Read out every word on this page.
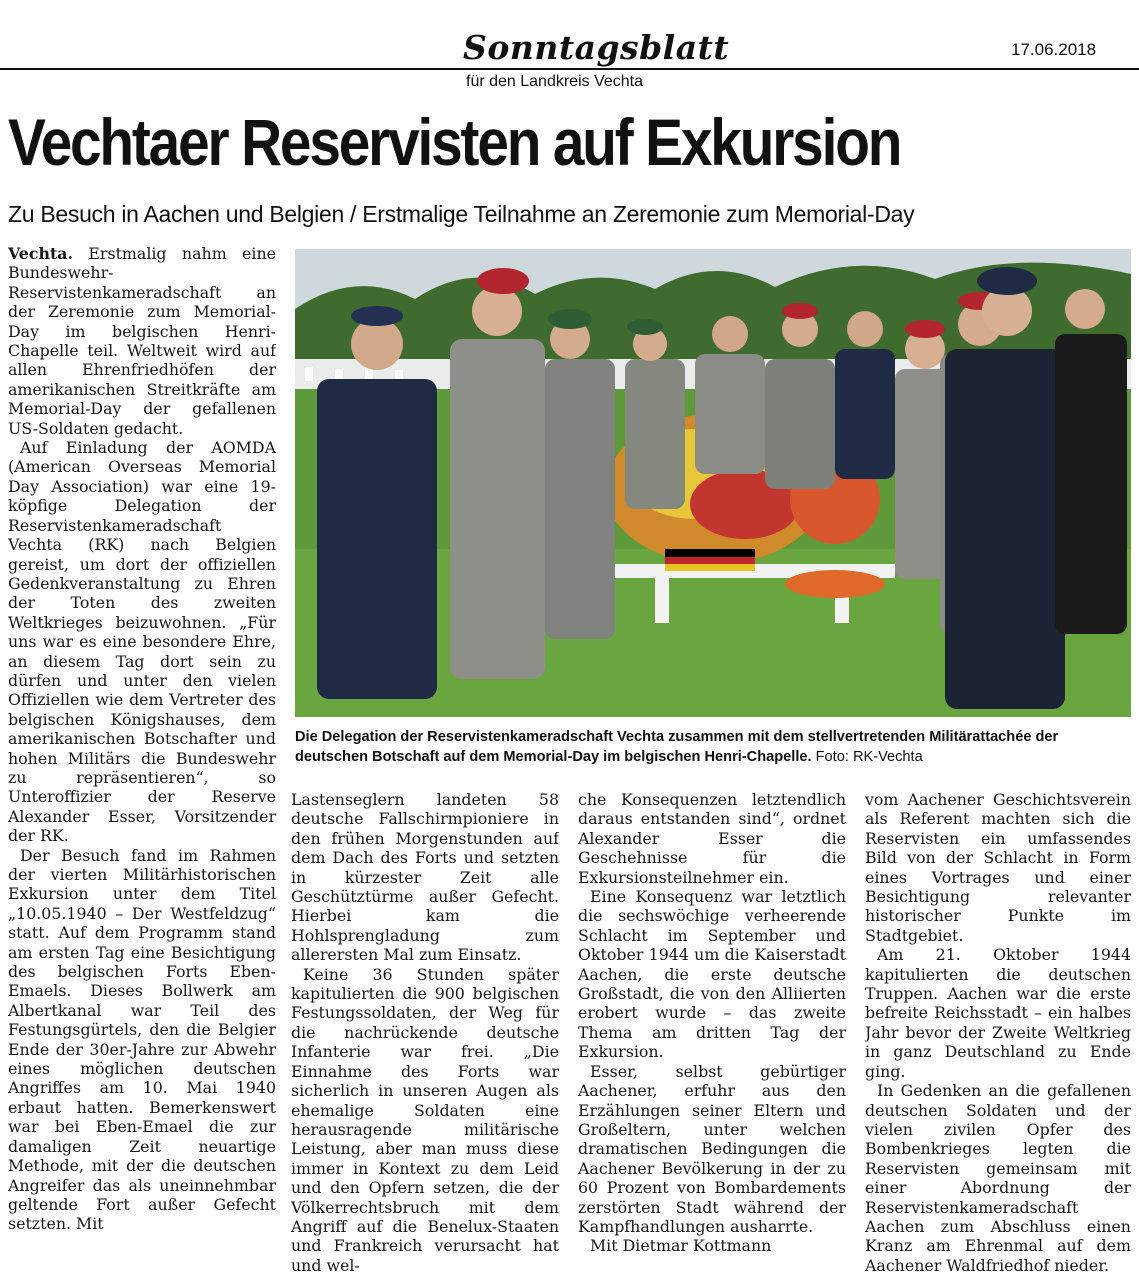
Sonntagsblatt	17.06.2018
für den Landkreis Vechta
Vechtaer Reservisten auf Exkursion
Zu Besuch in Aachen und Belgien / Erstmalige Teilnahme an Zeremonie zum Memorial-Day

Vechta. Erstmalig nahm eine Bundeswehr-Reservistenkameradschaft an der Zeremonie zum Memorial-Day im belgischen Henri-Chapelle teil. Weltweit wird auf allen Ehrenfriedhöfen der amerikanischen Streitkräfte am Memorial-Day der gefallenen US-Soldaten gedacht.

Auf Einladung der AOMDA (American Overseas Memorial Day Association) war eine 19-köpfige Delegation der Reservistenkameradschaft Vechta (RK) nach Belgien gereist, um dort der offiziellen Gedenkveranstaltung zu Ehren der Toten des zweiten Weltkrieges beizuwohnen. „Für uns war es eine besondere Ehre, an diesem Tag dort sein zu dürfen und unter den vielen Offiziellen wie dem Vertreter des belgischen Königshauses, dem amerikanischen Botschafter und hohen Militärs die Bundeswehr zu repräsentieren“, so Unteroffizier der Reserve Alexander Esser, Vorsitzender der RK.

Der Besuch fand im Rahmen der vierten Militärhistorischen Exkursion unter dem Titel „10.05.1940 – Der Westfeldzug“ statt. Auf dem Programm stand am ersten Tag eine Besichtigung des belgischen Forts Eben-Emaels. Dieses Bollwerk am Albertkanal war Teil des Festungsgürtels, den die Belgier Ende der 30er-Jahre zur Abwehr eines möglichen deutschen Angriffes am 10. Mai 1940 erbaut hatten. Bemerkenswert war bei Eben-Emael die zur damaligen Zeit neuartige Methode, mit der die deutschen Angreifer das als uneinnehmbar geltende Fort außer Gefecht setzten. Mit

Die Delegation der Reservistenkameradschaft Vechta zusammen mit dem stellvertretenden Militärattachée der deutschen Botschaft auf dem Memorial-Day im belgischen Henri-Chapelle. Foto: RK-Vechta

Lastenseglern landeten 58 deutsche Fallschirmpioniere in den frühen Morgenstunden auf dem Dach des Forts und setzten in kürzester Zeit alle Geschütztürme außer Gefecht. Hierbei kam die Hohlsprengladung zum allerersten Mal zum Einsatz.

Keine 36 Stunden später kapitulierten die 900 belgischen Festungssoldaten, der Weg für die nachrückende deutsche Infanterie war frei. „Die Einnahme des Forts war sicherlich in unseren Augen als ehemalige Soldaten eine herausragende militärische Leistung, aber man muss diese immer in Kontext zu dem Leid und den Opfern setzen, die der Völkerrechtsbruch mit dem Angriff auf die Benelux-Staaten und Frankreich verursacht hat und wel-

che Konsequenzen letztendlich daraus entstanden sind“, ordnet Alexander Esser die Geschehnisse für die Exkursionsteilnehmer ein.

Eine Konsequenz war letztlich die sechswöchige verheerende Schlacht im September und Oktober 1944 um die Kaiserstadt Aachen, die erste deutsche Großstadt, die von den Alliierten erobert wurde – das zweite Thema am dritten Tag der Exkursion.

Esser, selbst gebürtiger Aachener, erfuhr aus den Erzählungen seiner Eltern und Großeltern, unter welchen dramatischen Bedingungen die Aachener Bevölkerung in der zu 60 Prozent von Bombardements zerstörten Stadt während der Kampfhandlungen ausharrte.

Mit Dietmar Kottmann

vom Aachener Geschichtsverein als Referent machten sich die Reservisten ein umfassendes Bild von der Schlacht in Form eines Vortrages und einer Besichtigung relevanter historischer Punkte im Stadtgebiet.

Am 21. Oktober 1944 kapitulierten die deutschen Truppen. Aachen war die erste befreite Reichsstadt – ein halbes Jahr bevor der Zweite Weltkrieg in ganz Deutschland zu Ende ging.

In Gedenken an die gefallenen deutschen Soldaten und der vielen zivilen Opfer des Bombenkrieges legten die Reservisten gemeinsam mit einer Abordnung der Reservistenkameradschaft Aachen zum Abschluss einen Kranz am Ehrenmal auf dem Aachener Waldfriedhof nieder.
